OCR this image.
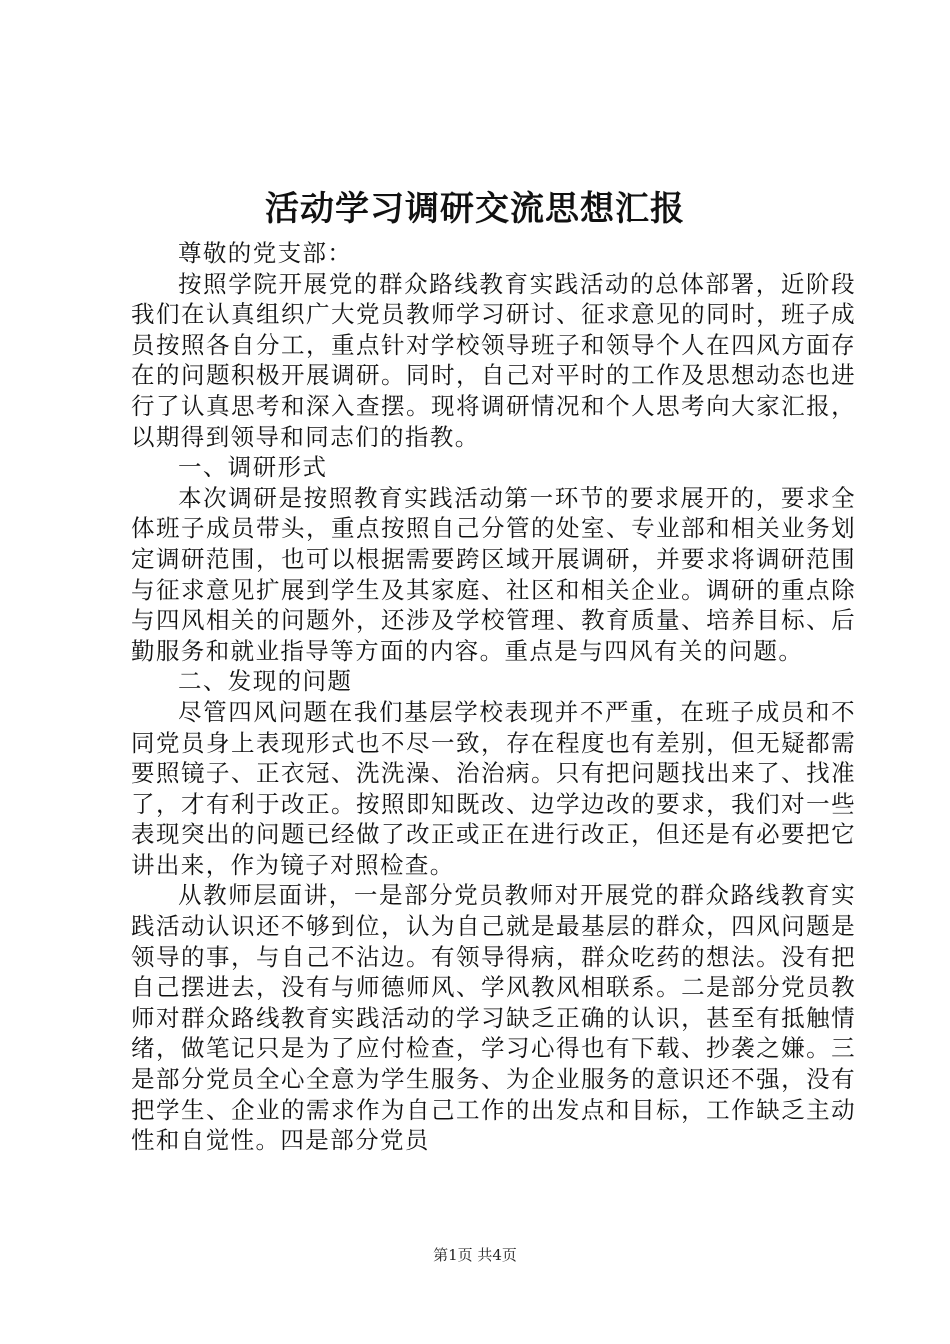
活动学习调研交流思想汇报

尊敬的党支部：

按照学院开展党的群众路线教育实践活动的总体部署，近阶段我们在认真组织广大党员教师学习研讨、征求意见的同时，班子成员按照各自分工，重点针对学校领导班子和领导个人在四风方面存在的问题积极开展调研。同时，自己对平时的工作及思想动态也进行了认真思考和深入查摆。现将调研情况和个人思考向大家汇报，以期得到领导和同志们的指教。

一、调研形式

本次调研是按照教育实践活动第一环节的要求展开的，要求全体班子成员带头，重点按照自己分管的处室、专业部和相关业务划定调研范围，也可以根据需要跨区域开展调研，并要求将调研范围与征求意见扩展到学生及其家庭、社区和相关企业。调研的重点除与四风相关的问题外，还涉及学校管理、教育质量、培养目标、后勤服务和就业指导等方面的内容。重点是与四风有关的问题。

二、发现的问题

尽管四风问题在我们基层学校表现并不严重，在班子成员和不同党员身上表现形式也不尽一致，存在程度也有差别，但无疑都需要照镜子、正衣冠、洗洗澡、治治病。只有把问题找出来了、找准了，才有利于改正。按照即知既改、边学边改的要求，我们对一些表现突出的问题已经做了改正或正在进行改正，但还是有必要把它讲出来，作为镜子对照检查。

从教师层面讲，一是部分党员教师对开展党的群众路线教育实践活动认识还不够到位，认为自己就是最基层的群众，四风问题是领导的事，与自己不沾边。有领导得病，群众吃药的想法。没有把自己摆进去，没有与师德师风、学风教风相联系。二是部分党员教师对群众路线教育实践活动的学习缺乏正确的认识，甚至有抵触情绪，做笔记只是为了应付检查，学习心得也有下载、抄袭之嫌。三是部分党员全心全意为学生服务、为企业服务的意识还不强，没有把学生、企业的需求作为自己工作的出发点和目标，工作缺乏主动性和自觉性。四是部分党员

第1页 共4页
